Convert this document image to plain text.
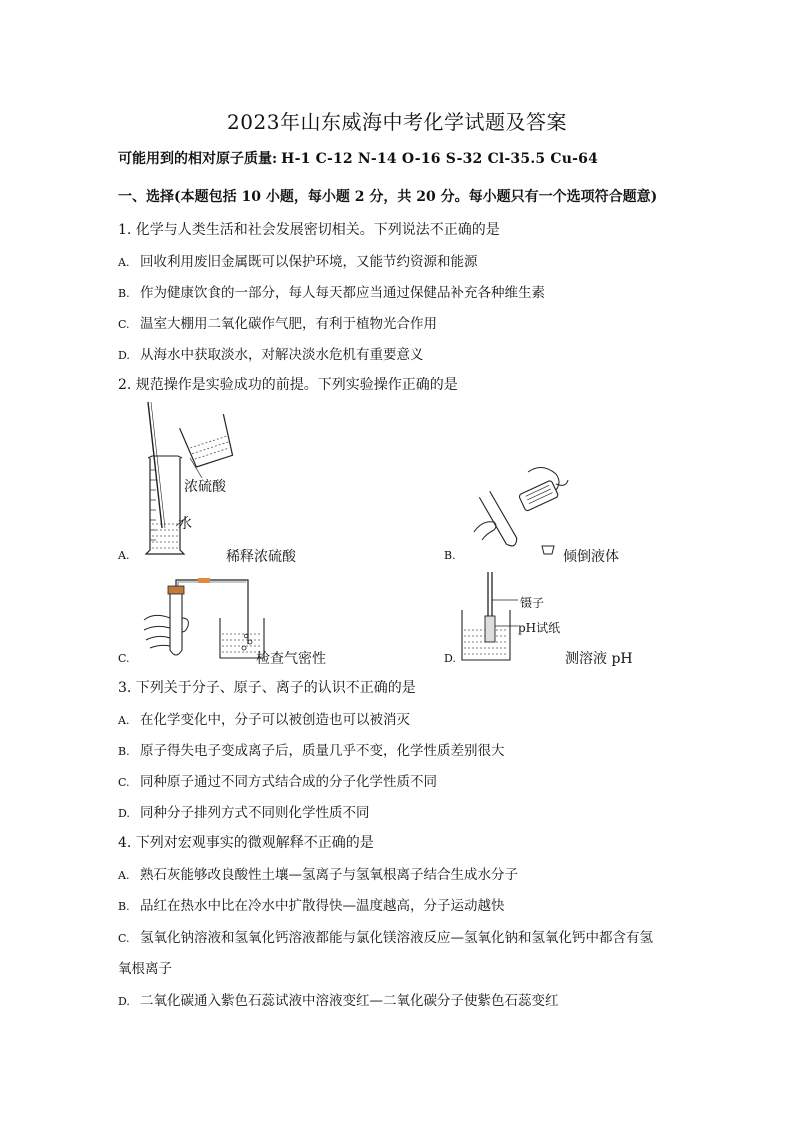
2023年山东威海中考化学试题及答案
可能用到的相对原子质量: H-1 C-12 N-14 O-16 S-32 Cl-35.5 Cu-64
一、选择(本题包括 10 小题，每小题 2 分，共 20 分。每小题只有一个选项符合题意)
1. 化学与人类生活和社会发展密切相关。下列说法不正确的是
A. 回收利用废旧金属既可以保护环境，又能节约资源和能源
B. 作为健康饮食的一部分，每人每天都应当通过保健品补充各种维生素
C. 温室大棚用二氧化碳作气肥，有利于植物光合作用
D. 从海水中获取淡水，对解决淡水危机有重要意义
2. 规范操作是实验成功的前提。下列实验操作正确的是
浓硫酸
水
A.	稀释浓硫酸	B.	倾倒液体
C.	检查气密性
镊子
pH试纸
D.	测溶液 pH
3. 下列关于分子、原子、离子的认识不正确的是
A. 在化学变化中，分子可以被创造也可以被消灭
B. 原子得失电子变成离子后，质量几乎不变，化学性质差别很大
C. 同种原子通过不同方式结合成的分子化学性质不同
D. 同种分子排列方式不同则化学性质不同
4. 下列对宏观事实的微观解释不正确的是
A. 熟石灰能够改良酸性土壤—氢离子与氢氧根离子结合生成水分子
B. 品红在热水中比在冷水中扩散得快—温度越高，分子运动越快
C. 氢氧化钠溶液和氢氧化钙溶液都能与氯化镁溶液反应—氢氧化钠和氢氧化钙中都含有氢
氧根离子
D. 二氧化碳通入紫色石蕊试液中溶液变红—二氧化碳分子使紫色石蕊变红
